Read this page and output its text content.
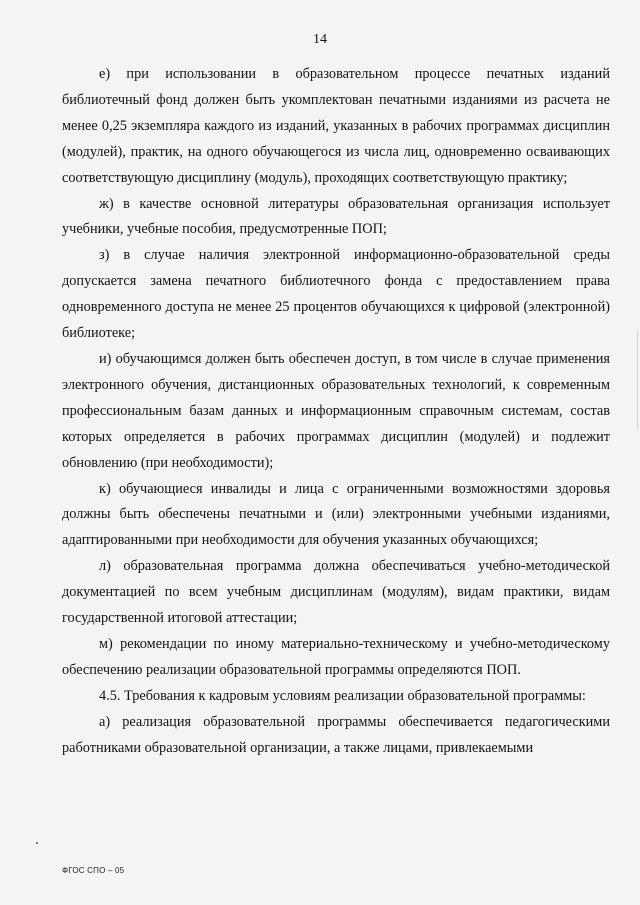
14

е) при использовании в образовательном процессе печатных изданий библиотечный фонд должен быть укомплектован печатными изданиями из расчета не менее 0,25 экземпляра каждого из изданий, указанных в рабочих программах дисциплин (модулей), практик, на одного обучающегося из числа лиц, одновременно осваивающих соответствующую дисциплину (модуль), проходящих соответствующую практику;

ж) в качестве основной литературы образовательная организация использует учебники, учебные пособия, предусмотренные ПОП;

з) в случае наличия электронной информационно-образовательной среды допускается замена печатного библиотечного фонда с предоставлением права одновременного доступа не менее 25 процентов обучающихся к цифровой (электронной) библиотеке;

и) обучающимся должен быть обеспечен доступ, в том числе в случае применения электронного обучения, дистанционных образовательных технологий, к современным профессиональным базам данных и информационным справочным системам, состав которых определяется в рабочих программах дисциплин (модулей) и подлежит обновлению (при необходимости);

к) обучающиеся инвалиды и лица с ограниченными возможностями здоровья должны быть обеспечены печатными и (или) электронными учебными изданиями, адаптированными при необходимости для обучения указанных обучающихся;

л) образовательная программа должна обеспечиваться учебно-методической документацией по всем учебным дисциплинам (модулям), видам практики, видам государственной итоговой аттестации;

м) рекомендации по иному материально-техническому и учебно-методическому обеспечению реализации образовательной программы определяются ПОП.

4.5. Требования к кадровым условиям реализации образовательной программы:

а) реализация образовательной программы обеспечивается педагогическими работниками образовательной организации, а также лицами, привлекаемыми

ФГОС СПО – 05
